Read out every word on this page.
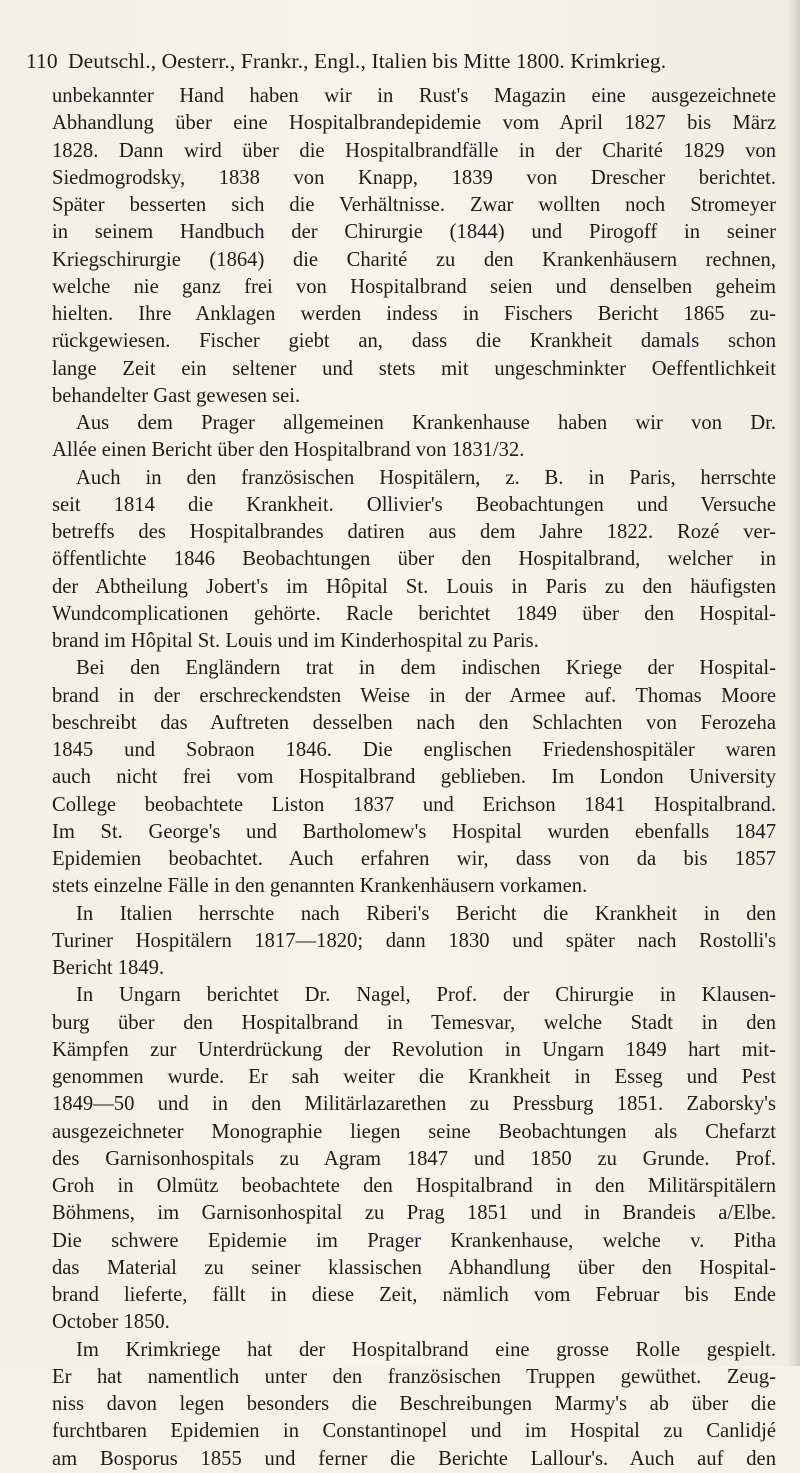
110 Deutschl., Oesterr., Frankr., Engl., Italien bis Mitte 1800. Krimkrieg.
unbekannter Hand haben wir in Rust's Magazin eine ausgezeichnete
Abhandlung über eine Hospitalbrandepidemie vom April 1827 bis März
1828. Dann wird über die Hospitalbrandfälle in der Charité 1829 von
Siedmogrodsky, 1838 von Knapp, 1839 von Drescher berichtet.
Später besserten sich die Verhältnisse. Zwar wollten noch Stromeyer
in seinem Handbuch der Chirurgie (1844) und Pirogoff in seiner
Kriegschirurgie (1864) die Charité zu den Krankenhäusern rechnen,
welche nie ganz frei von Hospitalbrand seien und denselben geheim
hielten. Ihre Anklagen werden indess in Fischers Bericht 1865 zu-
rückgewiesen. Fischer giebt an, dass die Krankheit damals schon
lange Zeit ein seltener und stets mit ungeschminkter Oeffentlichkeit
behandelter Gast gewesen sei.
Aus dem Prager allgemeinen Krankenhause haben wir von Dr.
Allée einen Bericht über den Hospitalbrand von 1831/32.
Auch in den französischen Hospitälern, z. B. in Paris, herrschte
seit 1814 die Krankheit. Ollivier's Beobachtungen und Versuche
betreffs des Hospitalbrandes datiren aus dem Jahre 1822. Rozé ver-
öffentlichte 1846 Beobachtungen über den Hospitalbrand, welcher in
der Abtheilung Jobert's im Hôpital St. Louis in Paris zu den häufigsten
Wundcomplicationen gehörte. Racle berichtet 1849 über den Hospital-
brand im Hôpital St. Louis und im Kinderhospital zu Paris.
Bei den Engländern trat in dem indischen Kriege der Hospital-
brand in der erschreckendsten Weise in der Armee auf. Thomas Moore
beschreibt das Auftreten desselben nach den Schlachten von Ferozeha
1845 und Sobraon 1846. Die englischen Friedenshospitäler waren
auch nicht frei vom Hospitalbrand geblieben. Im London University
College beobachtete Liston 1837 und Erichson 1841 Hospitalbrand.
Im St. George's und Bartholomew's Hospital wurden ebenfalls 1847
Epidemien beobachtet. Auch erfahren wir, dass von da bis 1857
stets einzelne Fälle in den genannten Krankenhäusern vorkamen.
In Italien herrschte nach Riberi's Bericht die Krankheit in den
Turiner Hospitälern 1817—1820; dann 1830 und später nach Rostolli's
Bericht 1849.
In Ungarn berichtet Dr. Nagel, Prof. der Chirurgie in Klausen-
burg über den Hospitalbrand in Temesvar, welche Stadt in den
Kämpfen zur Unterdrückung der Revolution in Ungarn 1849 hart mit-
genommen wurde. Er sah weiter die Krankheit in Esseg und Pest
1849—50 und in den Militärlazarethen zu Pressburg 1851. Zaborsky's
ausgezeichneter Monographie liegen seine Beobachtungen als Chefarzt
des Garnisonhospitals zu Agram 1847 und 1850 zu Grunde. Prof.
Groh in Olmütz beobachtete den Hospitalbrand in den Militärspitälern
Böhmens, im Garnisonhospital zu Prag 1851 und in Brandeis a/Elbe.
Die schwere Epidemie im Prager Krankenhause, welche v. Pitha
das Material zu seiner klassischen Abhandlung über den Hospital-
brand lieferte, fällt in diese Zeit, nämlich vom Februar bis Ende
October 1850.
Im Krimkriege hat der Hospitalbrand eine grosse Rolle gespielt.
Er hat namentlich unter den französischen Truppen gewüthet. Zeug-
niss davon legen besonders die Beschreibungen Marmy's ab über die
furchtbaren Epidemien in Constantinopel und im Hospital zu Canlidjé
am Bosporus 1855 und ferner die Berichte Lallour's. Auch auf den
